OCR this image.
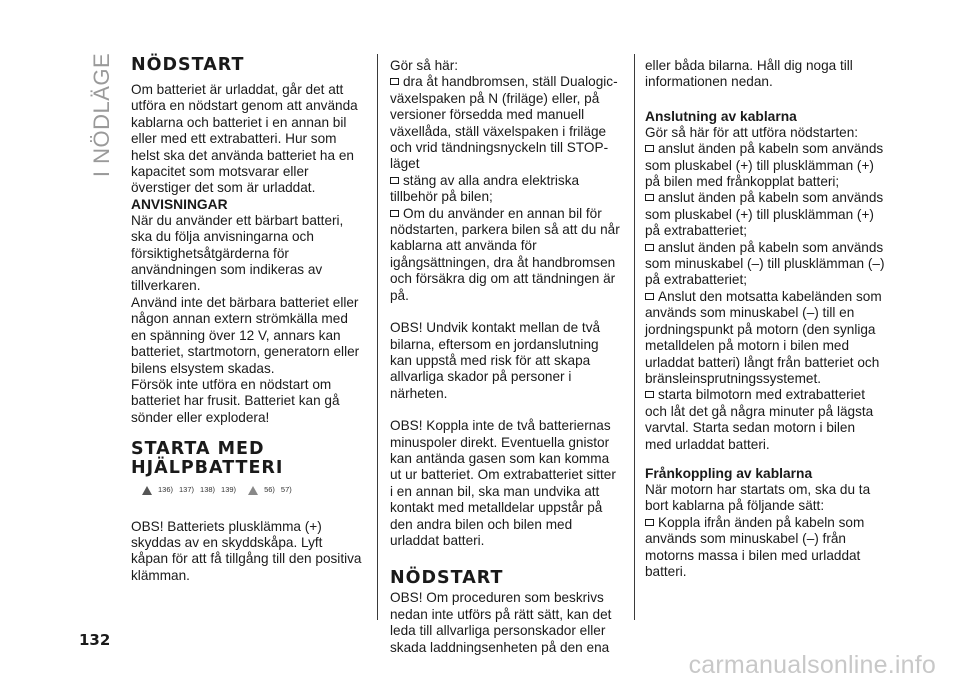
I NÖDLÄGE NÖDSTART

Om batteriet är urladdat, går det att utföra en nödstart genom att använda kablarna och batteriet i en annan bil eller med ett extrabatteri. Hur som helst ska det använda batteriet ha en kapacitet som motsvarar eller överstiger det som är urladdat.

ANVISNINGAR

När du använder ett bärbart batteri, ska du följa anvisningarna och försiktighetsåtgärderna för användningen som indikeras av tillverkaren.

Använd inte det bärbara batteriet eller någon annan extern strömkälla med en spänning över 12 V, annars kan batteriet, startmotorn, generatorn eller bilens elsystem skadas.

Försök inte utföra en nödstart om batteriet har frusit. Batteriet kan gå sönder eller explodera!

STARTA MED
HJÄLPBATTERI
136) 137) 138) 139)	56) 57)

OBS! Batteriets plusklämma (+) skyddas av en skyddskåpa. Lyft kåpan för att få tillgång till den positiva klämman.

Gör så här:

dra åt handbromsen, ställ Dualogic-växelspaken på N (friläge) eller, på versioner försedda med manuell växellåda, ställ växelspaken i friläge och vrid tändningsnyckeln till STOP-läget

stäng av alla andra elektriska tillbehör på bilen;

Om du använder en annan bil för nödstarten, parkera bilen så att du når kablarna att använda för igångsättningen, dra åt handbromsen och försäkra dig om att tändningen är på.

OBS! Undvik kontakt mellan de två bilarna, eftersom en jordanslutning kan uppstå med risk för att skapa allvarliga skador på personer i närheten.

OBS! Koppla inte de två batteriernas minuspoler direkt. Eventuella gnistor kan antända gasen som kan komma ut ur batteriet. Om extrabatteriet sitter i en annan bil, ska man undvika att kontakt med metalldelar uppstår på den andra bilen och bilen med urladdat batteri.

NÖDSTART

OBS! Om proceduren som beskrivs nedan inte utförs på rätt sätt, kan det leda till allvarliga personskador eller skada laddningsenheten på den ena

eller båda bilarna. Håll dig noga till informationen nedan.

Anslutning av kablarna

Gör så här för att utföra nödstarten:

anslut änden på kabeln som används som pluskabel (+) till plusklämman (+) på bilen med frånkopplat batteri;

anslut änden på kabeln som används som pluskabel (+) till plusklämman (+) på extrabatteriet;

anslut änden på kabeln som används som minuskabel (–) till plusklämman (–) på extrabatteriet;

Anslut den motsatta kabeländen som används som minuskabel (–) till en jordningspunkt på motorn (den synliga metalldelen på motorn i bilen med urladdat batteri) långt från batteriet och bränsleinsprutningssystemet.

starta bilmotorn med extrabatteriet och låt det gå några minuter på lägsta varvtal. Starta sedan motorn i bilen med urladdat batteri.

Frånkoppling av kablarna

När motorn har startats om, ska du ta bort kablarna på följande sätt:

Koppla ifrån änden på kabeln som används som minuskabel (–) från motorns massa i bilen med urladdat batteri.

132
carmanualsonline.info
